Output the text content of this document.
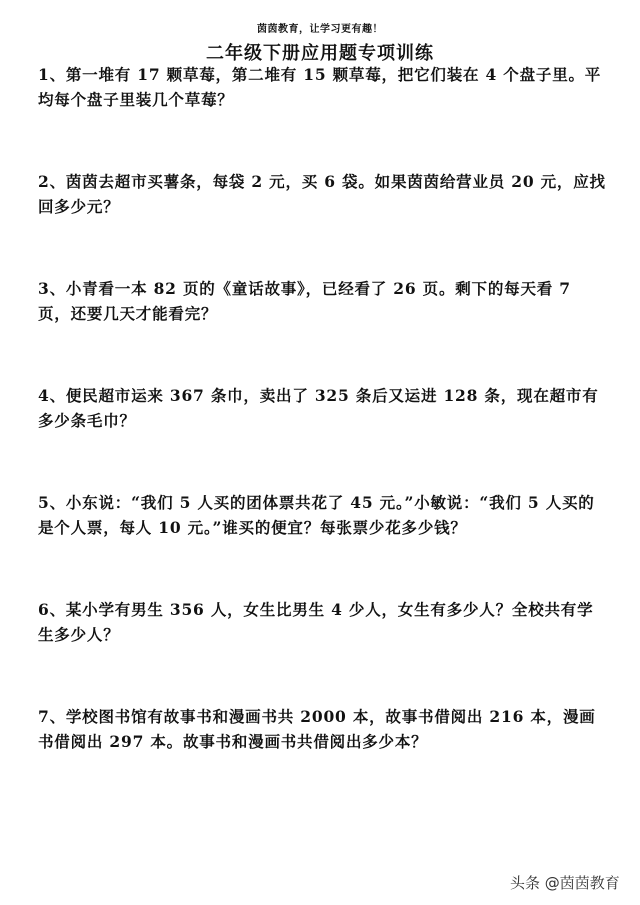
茵茵教育，让学习更有趣！
二年级下册应用题专项训练

1、第一堆有 17 颗草莓，第二堆有 15 颗草莓，把它们装在 4 个盘子里。平均每个盘子里装几个草莓？

2、茵茵去超市买薯条，每袋 2 元，买 6 袋。如果茵茵给营业员 20 元，应找回多少元？

3、小青看一本 82 页的《童话故事》，已经看了 26 页。剩下的每天看 7 页，还要几天才能看完？

4、便民超市运来 367 条巾，卖出了 325 条后又运进 128 条，现在超市有多少条毛巾？

5、小东说：“我们 5 人买的团体票共花了 45 元。”小敏说：“我们 5 人买的是个人票，每人 10 元。”谁买的便宜？每张票少花多少钱？

6、某小学有男生 356 人，女生比男生 4 少人，女生有多少人？全校共有学生多少人？

7、学校图书馆有故事书和漫画书共 2000 本，故事书借阅出 216 本，漫画书借阅出 297 本。故事书和漫画书共借阅出多少本？

头条 @茵茵教育
